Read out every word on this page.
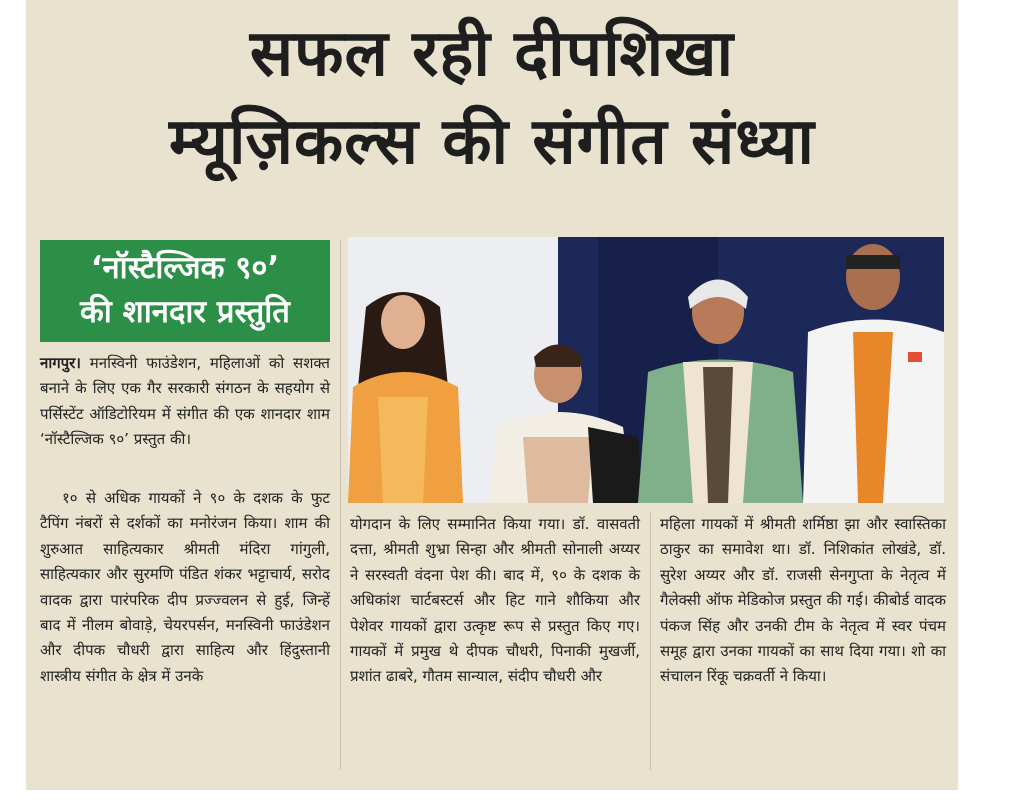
सफल रही दीपशिखा
म्यूज़िकल्स की संगीत संध्या
‘नॉस्टैल्जिक ९०’
की शानदार प्रस्तुति

नागपुर। मनस्विनी फाउंडेशन, महिलाओं को सशक्त बनाने के लिए एक गैर सरकारी संगठन के सहयोग से पर्सिस्टेंट ऑडिटोरियम में संगीत की एक शानदार शाम ‘नॉस्टैल्जिक ९०’ प्रस्तुत की।

१० से अधिक गायकों ने ९० के दशक के फुट टैपिंग नंबरों से दर्शकों का मनोरंजन किया। शाम की शुरुआत साहित्यकार श्रीमती मंदिरा गांगुली, साहित्यकार और सुरमणि पंडित शंकर भट्टाचार्य, सरोद वादक द्वारा पारंपरिक दीप प्रज्ज्वलन से हुई, जिन्हें बाद में नीलम बोवाड़े, चेयरपर्सन, मनस्विनी फाउंडेशन और दीपक चौधरी द्वारा साहित्य और हिंदुस्तानी शास्त्रीय संगीत के क्षेत्र में उनके

योगदान के लिए सम्मानित किया गया। डॉ. वासवती दत्ता, श्रीमती शुभ्रा सिन्हा और श्रीमती सोनाली अय्यर ने सरस्वती वंदना पेश की। बाद में, ९० के दशक के अधिकांश चार्टबस्टर्स और हिट गाने शौकिया और पेशेवर गायकों द्वारा उत्कृष्ट रूप से प्रस्तुत किए गए। गायकों में प्रमुख थे दीपक चौधरी, पिनाकी मुखर्जी, प्रशांत ढाबरे, गौतम सान्याल, संदीप चौधरी और

महिला गायकों में श्रीमती शर्मिष्ठा झा और स्वास्तिका ठाकुर का समावेश था। डॉ. निशिकांत लोखंडे, डॉ. सुरेश अय्यर और डॉ. राजसी सेनगुप्ता के नेतृत्व में गैलेक्सी ऑफ मेडिकोज प्रस्तुत की गई। कीबोर्ड वादक पंकज सिंह और उनकी टीम के नेतृत्व में स्वर पंचम समूह द्वारा उनका गायकों का साथ दिया गया। शो का संचालन रिंकू चक्रवर्ती ने किया।
